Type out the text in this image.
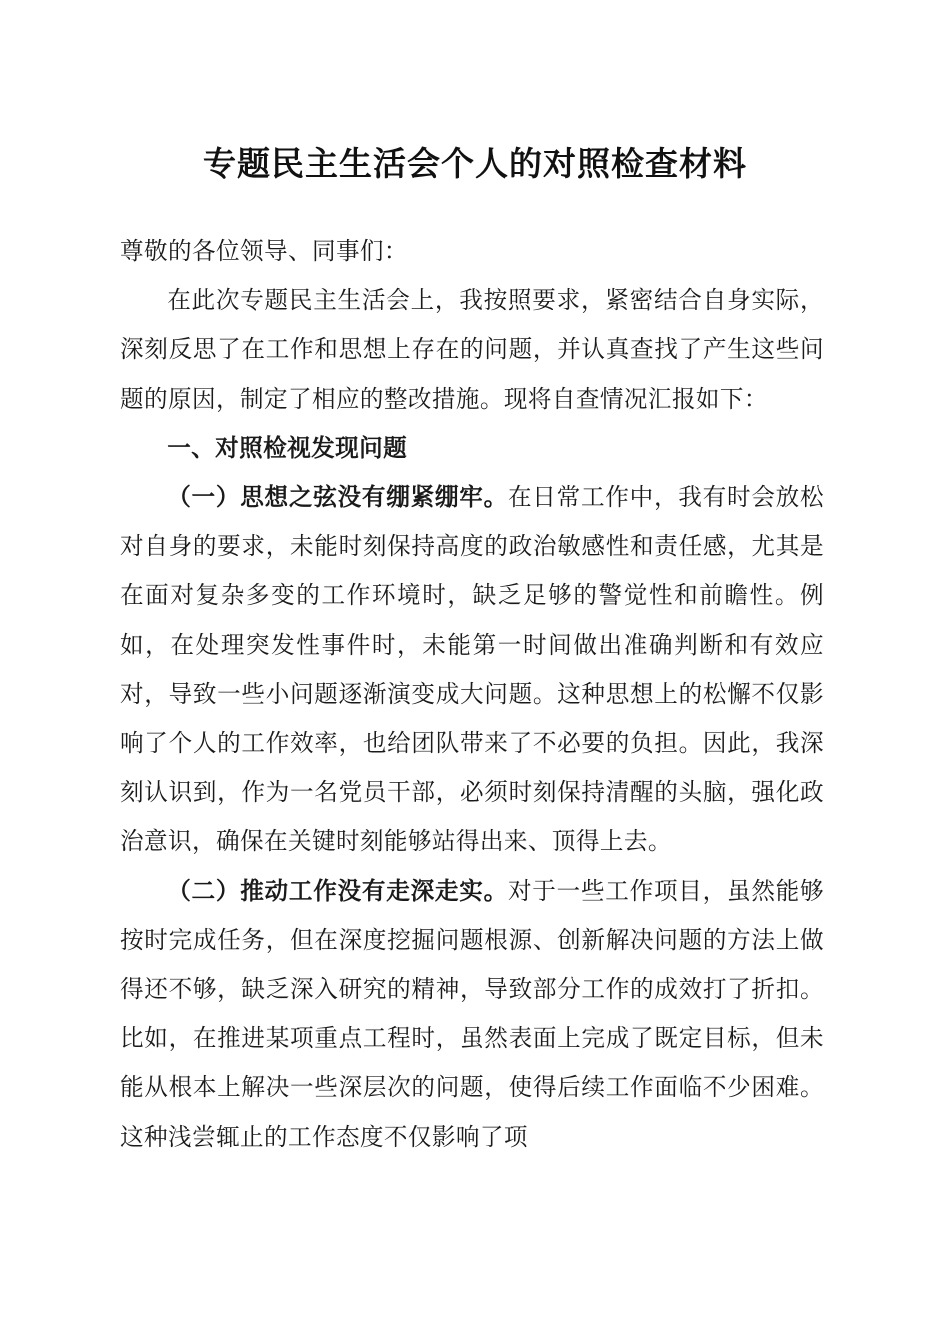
专题民主生活会个人的对照检查材料

尊敬的各位领导、同事们：

在此次专题民主生活会上，我按照要求，紧密结合自身实际，深刻反思了在工作和思想上存在的问题，并认真查找了产生这些问题的原因，制定了相应的整改措施。现将自查情况汇报如下：

一、对照检视发现问题

（一）思想之弦没有绷紧绷牢。在日常工作中，我有时会放松对自身的要求，未能时刻保持高度的政治敏感性和责任感，尤其是在面对复杂多变的工作环境时，缺乏足够的警觉性和前瞻性。例如，在处理突发性事件时，未能第一时间做出准确判断和有效应对，导致一些小问题逐渐演变成大问题。这种思想上的松懈不仅影响了个人的工作效率，也给团队带来了不必要的负担。因此，我深刻认识到，作为一名党员干部，必须时刻保持清醒的头脑，强化政治意识，确保在关键时刻能够站得出来、顶得上去。

（二）推动工作没有走深走实。对于一些工作项目，虽然能够按时完成任务，但在深度挖掘问题根源、创新解决问题的方法上做得还不够，缺乏深入研究的精神，导致部分工作的成效打了折扣。比如，在推进某项重点工程时，虽然表面上完成了既定目标，但未能从根本上解决一些深层次的问题，使得后续工作面临不少困难。这种浅尝辄止的工作态度不仅影响了项
